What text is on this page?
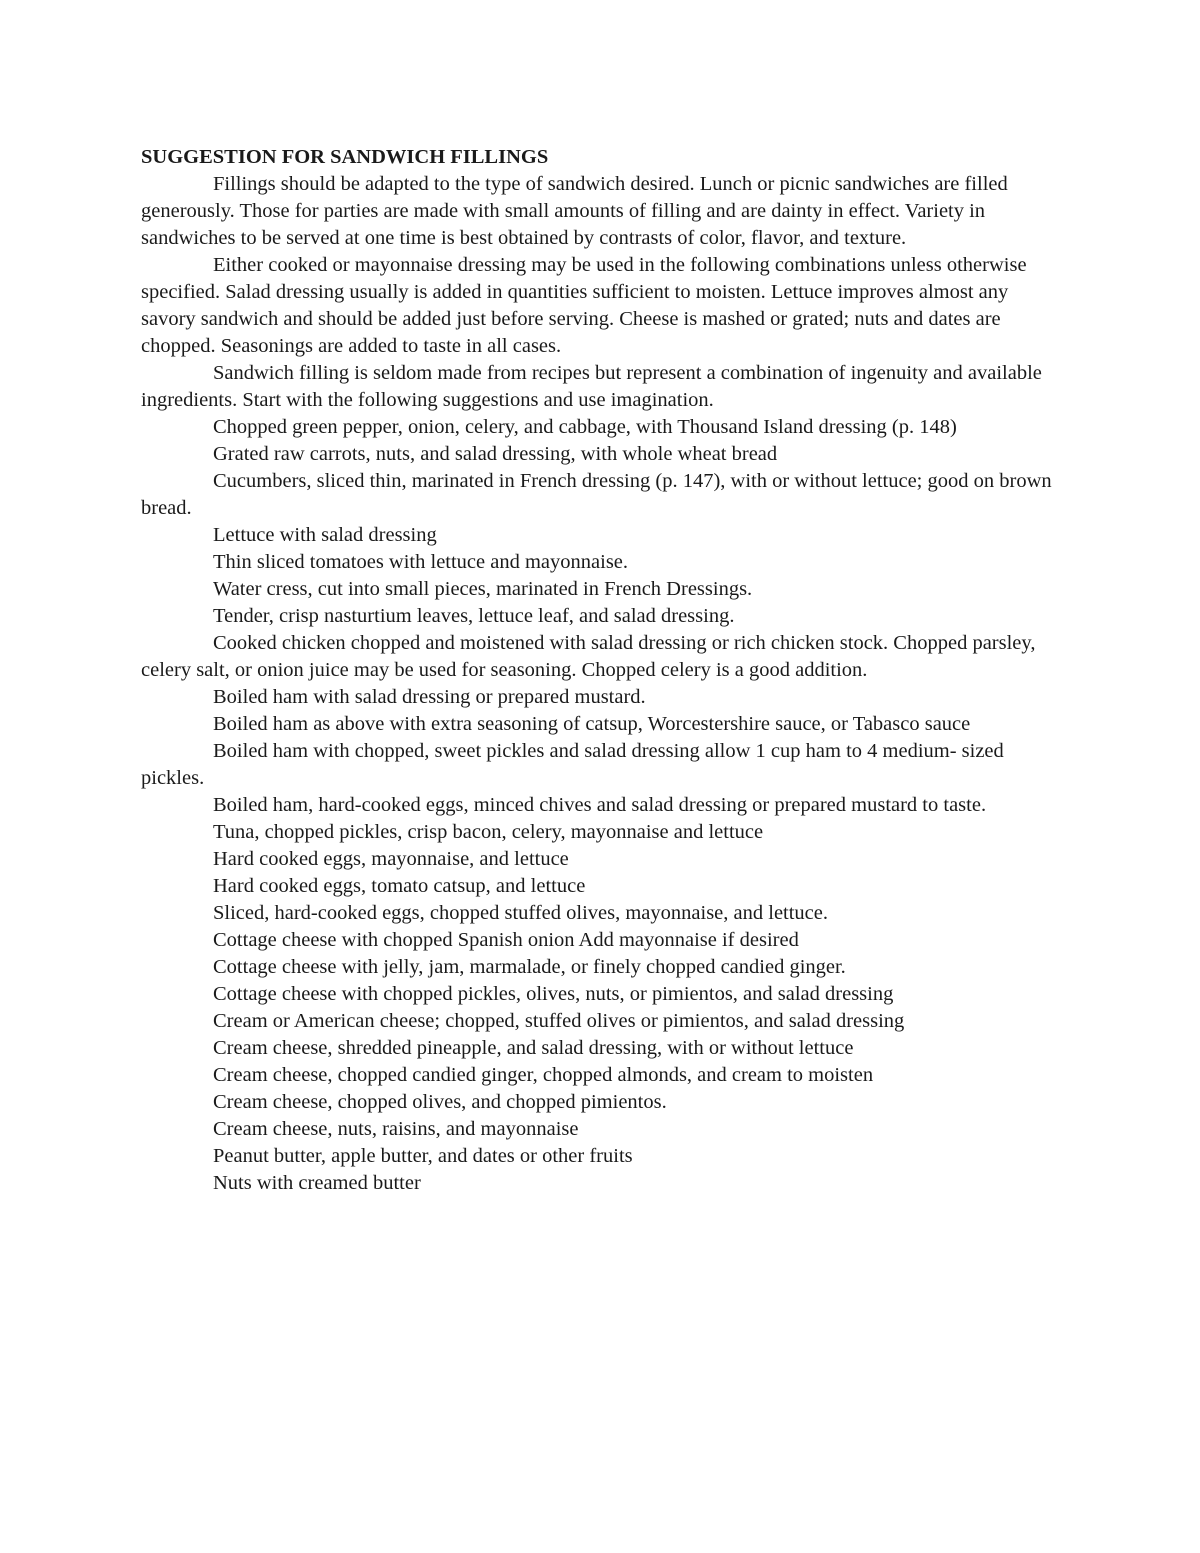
SUGGESTION FOR SANDWICH FILLINGS

Fillings should be adapted to the type of sandwich desired. Lunch or picnic sandwiches are filled generously. Those for parties are made with small amounts of filling and are dainty in effect. Variety in sandwiches to be served at one time is best obtained by contrasts of color, flavor, and texture.

Either cooked or mayonnaise dressing may be used in the following combinations unless otherwise specified. Salad dressing usually is added in quantities sufficient to moisten. Lettuce improves almost any savory sandwich and should be added just before serving. Cheese is mashed or grated; nuts and dates are chopped. Seasonings are added to taste in all cases.

Sandwich filling is seldom made from recipes but represent a combination of ingenuity and available ingredients. Start with the following suggestions and use imagination.

Chopped green pepper, onion, celery, and cabbage, with Thousand Island dressing (p. 148)

Grated raw carrots, nuts, and salad dressing, with whole wheat bread

Cucumbers, sliced thin, marinated in French dressing (p. 147), with or without lettuce; good on brown bread.

Lettuce with salad dressing

Thin sliced tomatoes with lettuce and mayonnaise.

Water cress, cut into small pieces, marinated in French Dressings.

Tender, crisp nasturtium leaves, lettuce leaf, and salad dressing.

Cooked chicken chopped and moistened with salad dressing or rich chicken stock. Chopped parsley, celery salt, or onion juice may be used for seasoning. Chopped celery is a good addition.

Boiled ham with salad dressing or prepared mustard.

Boiled ham as above with extra seasoning of catsup, Worcestershire sauce, or Tabasco sauce

Boiled ham with chopped, sweet pickles and salad dressing allow 1 cup ham to 4 medium- sized pickles.

Boiled ham, hard-cooked eggs, minced chives and salad dressing or prepared mustard to taste.

Tuna, chopped pickles, crisp bacon, celery, mayonnaise and lettuce

Hard cooked eggs, mayonnaise, and lettuce

Hard cooked eggs, tomato catsup, and lettuce

Sliced, hard-cooked eggs, chopped stuffed olives, mayonnaise, and lettuce.

Cottage cheese with chopped Spanish onion Add mayonnaise if desired

Cottage cheese with jelly, jam, marmalade, or finely chopped candied ginger.

Cottage cheese with chopped pickles, olives, nuts, or pimientos, and salad dressing

Cream or American cheese; chopped, stuffed olives or pimientos, and salad dressing

Cream cheese, shredded pineapple, and salad dressing, with or without lettuce

Cream cheese, chopped candied ginger, chopped almonds, and cream to moisten

Cream cheese, chopped olives, and chopped pimientos.

Cream cheese, nuts, raisins, and mayonnaise

Peanut butter, apple butter, and dates or other fruits

Nuts with creamed butter
